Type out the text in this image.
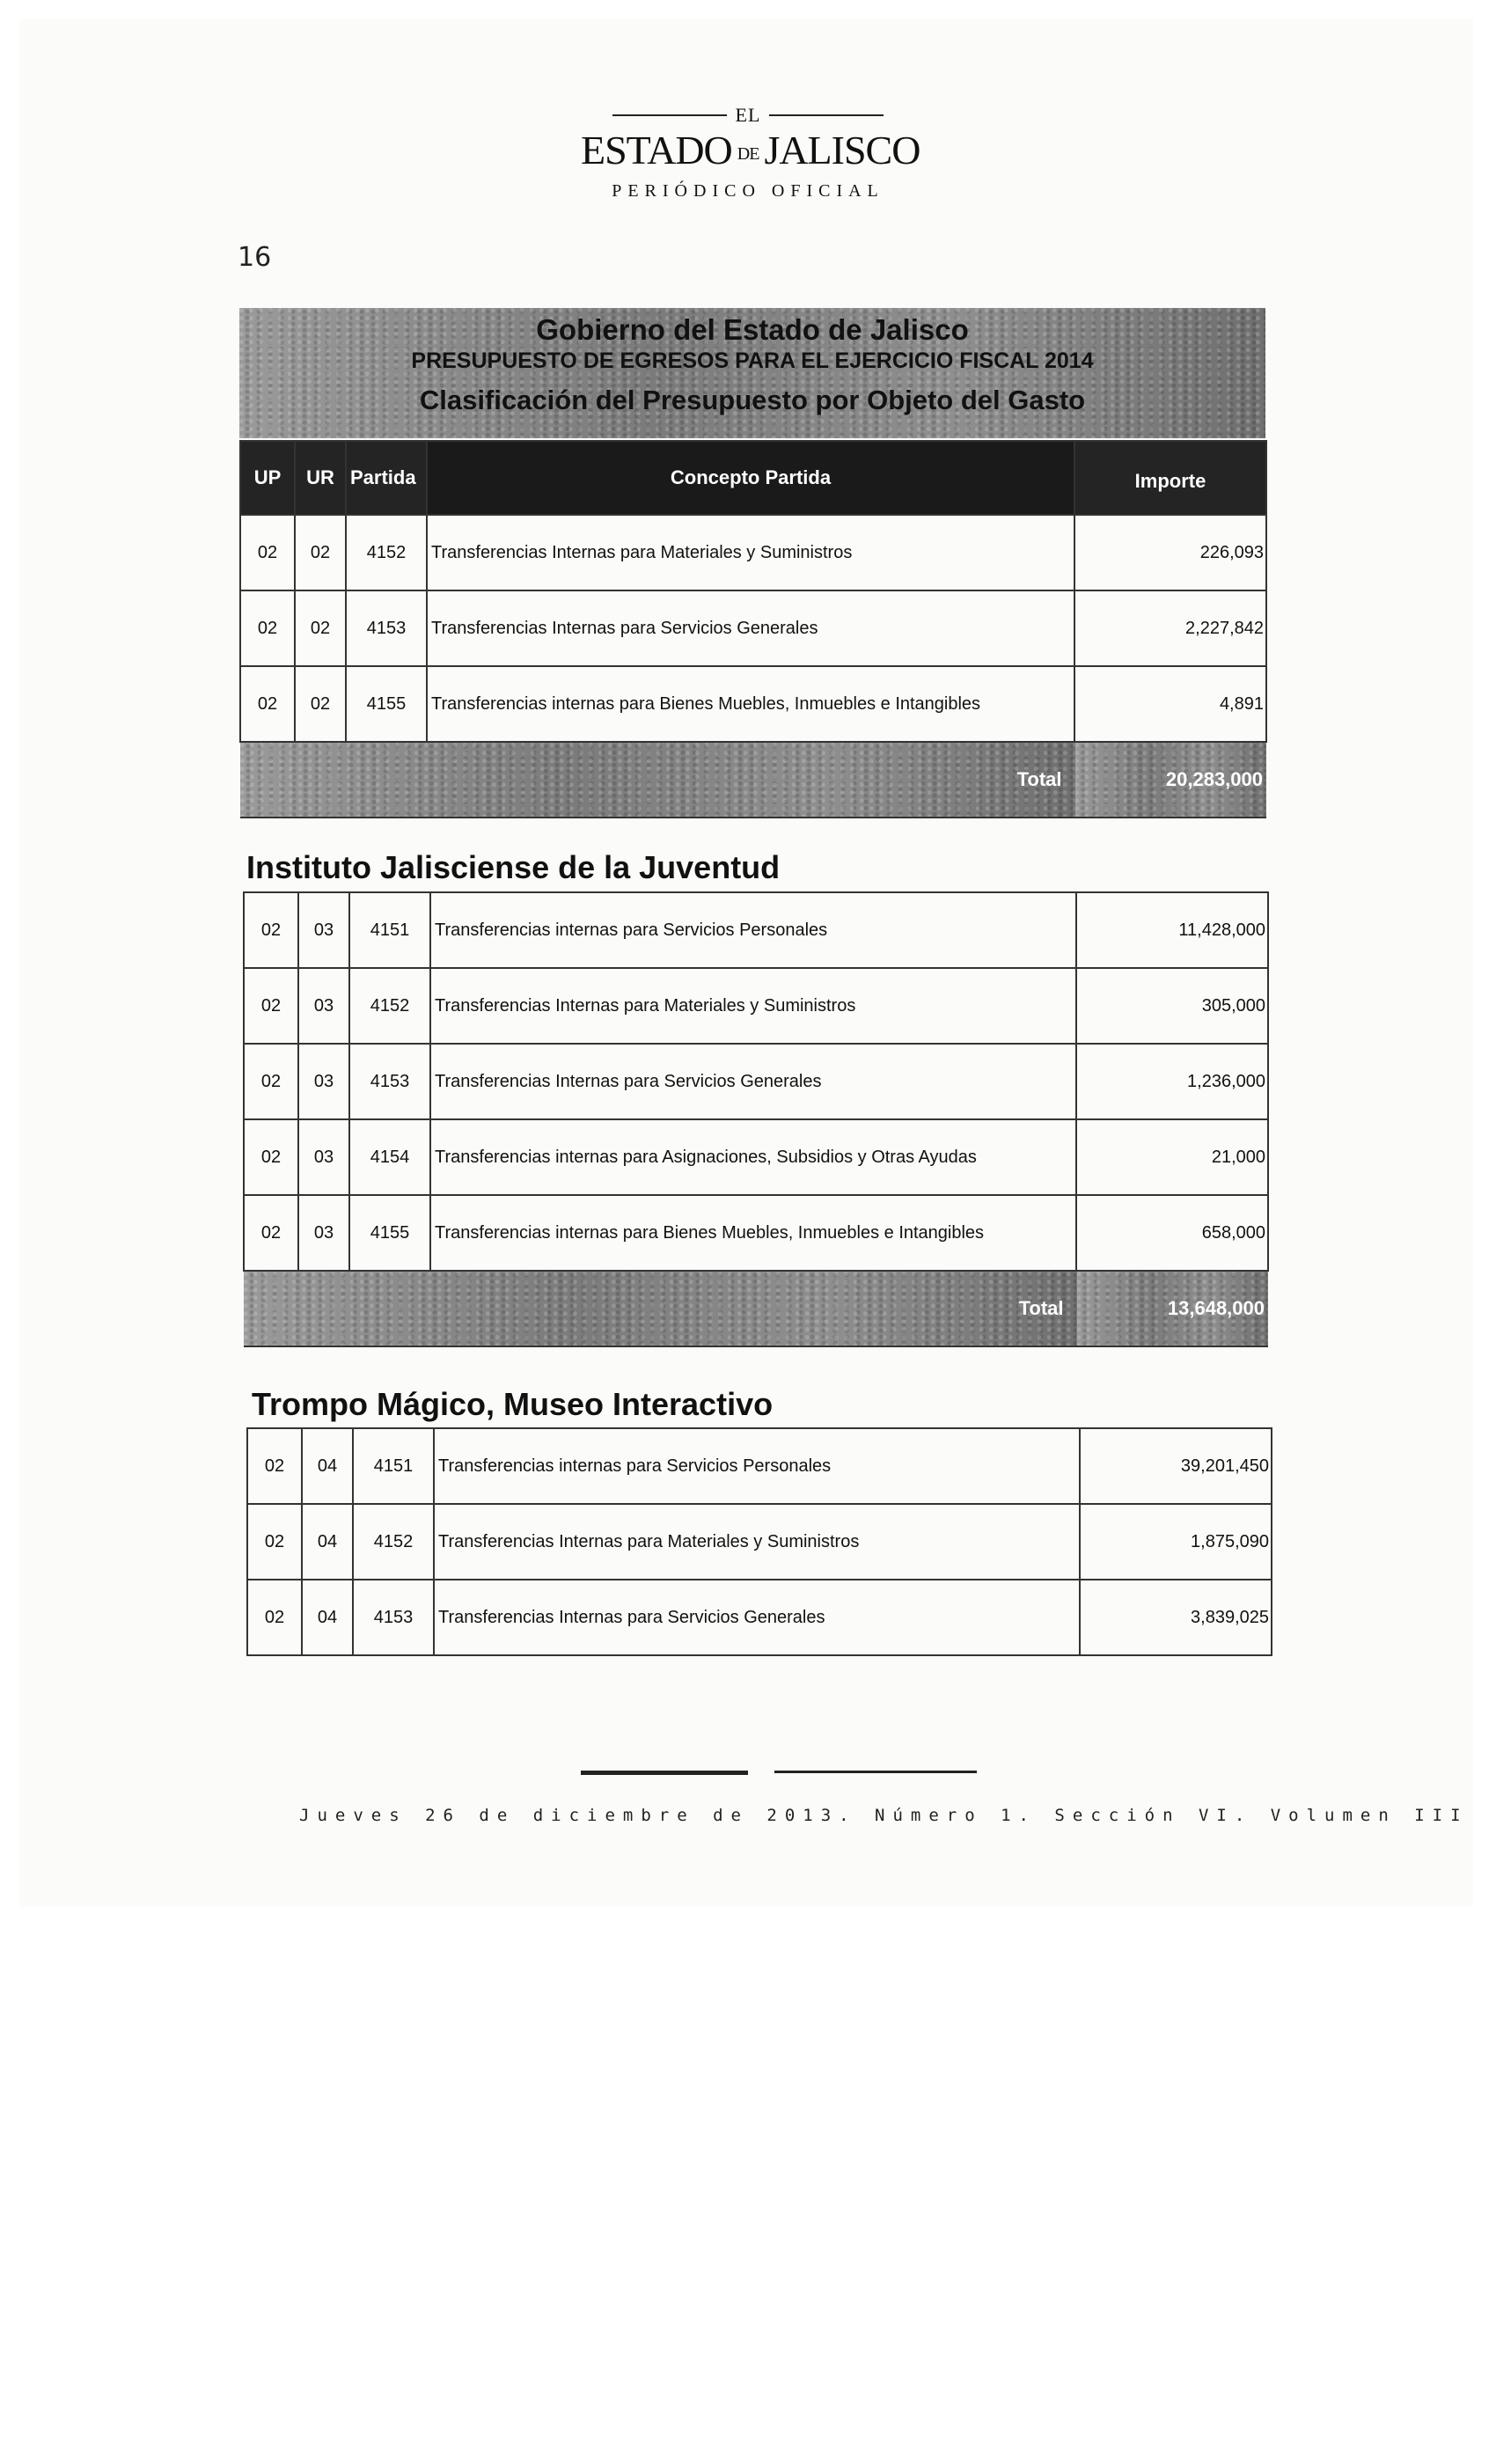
EL
ESTADO DE JALISCO
PERIÓDICO OFICIAL
16
Gobierno del Estado de Jalisco
PRESUPUESTO DE EGRESOS PARA EL EJERCICIO FISCAL 2014
Clasificación del Presupuesto por Objeto del Gasto
UP	UR	Partida	Concepto Partida	Importe
02	02	4152	Transferencias Internas para Materiales y Suministros	226,093
02	02	4153	Transferencias Internas para Servicios Generales	2,227,842
02	02	4155	Transferencias internas para Bienes Muebles, Inmuebles e Intangibles	4,891
Total				20,283,000
Instituto Jalisciense de la Juventud
02	03	4151	Transferencias internas para Servicios Personales	11,428,000
02	03	4152	Transferencias Internas para Materiales y Suministros	305,000
02	03	4153	Transferencias Internas para Servicios Generales	1,236,000
02	03	4154	Transferencias internas para Asignaciones, Subsidios y Otras Ayudas	21,000
02	03	4155	Transferencias internas para Bienes Muebles, Inmuebles e Intangibles	658,000
Total				13,648,000
Trompo Mágico, Museo Interactivo
02	04	4151	Transferencias internas para Servicios Personales	39,201,450
02	04	4152	Transferencias Internas para Materiales y Suministros	1,875,090
02	04	4153	Transferencias Internas para Servicios Generales	3,839,025
Jueves 26 de diciembre de 2013. Número 1. Sección VI. Volumen III
